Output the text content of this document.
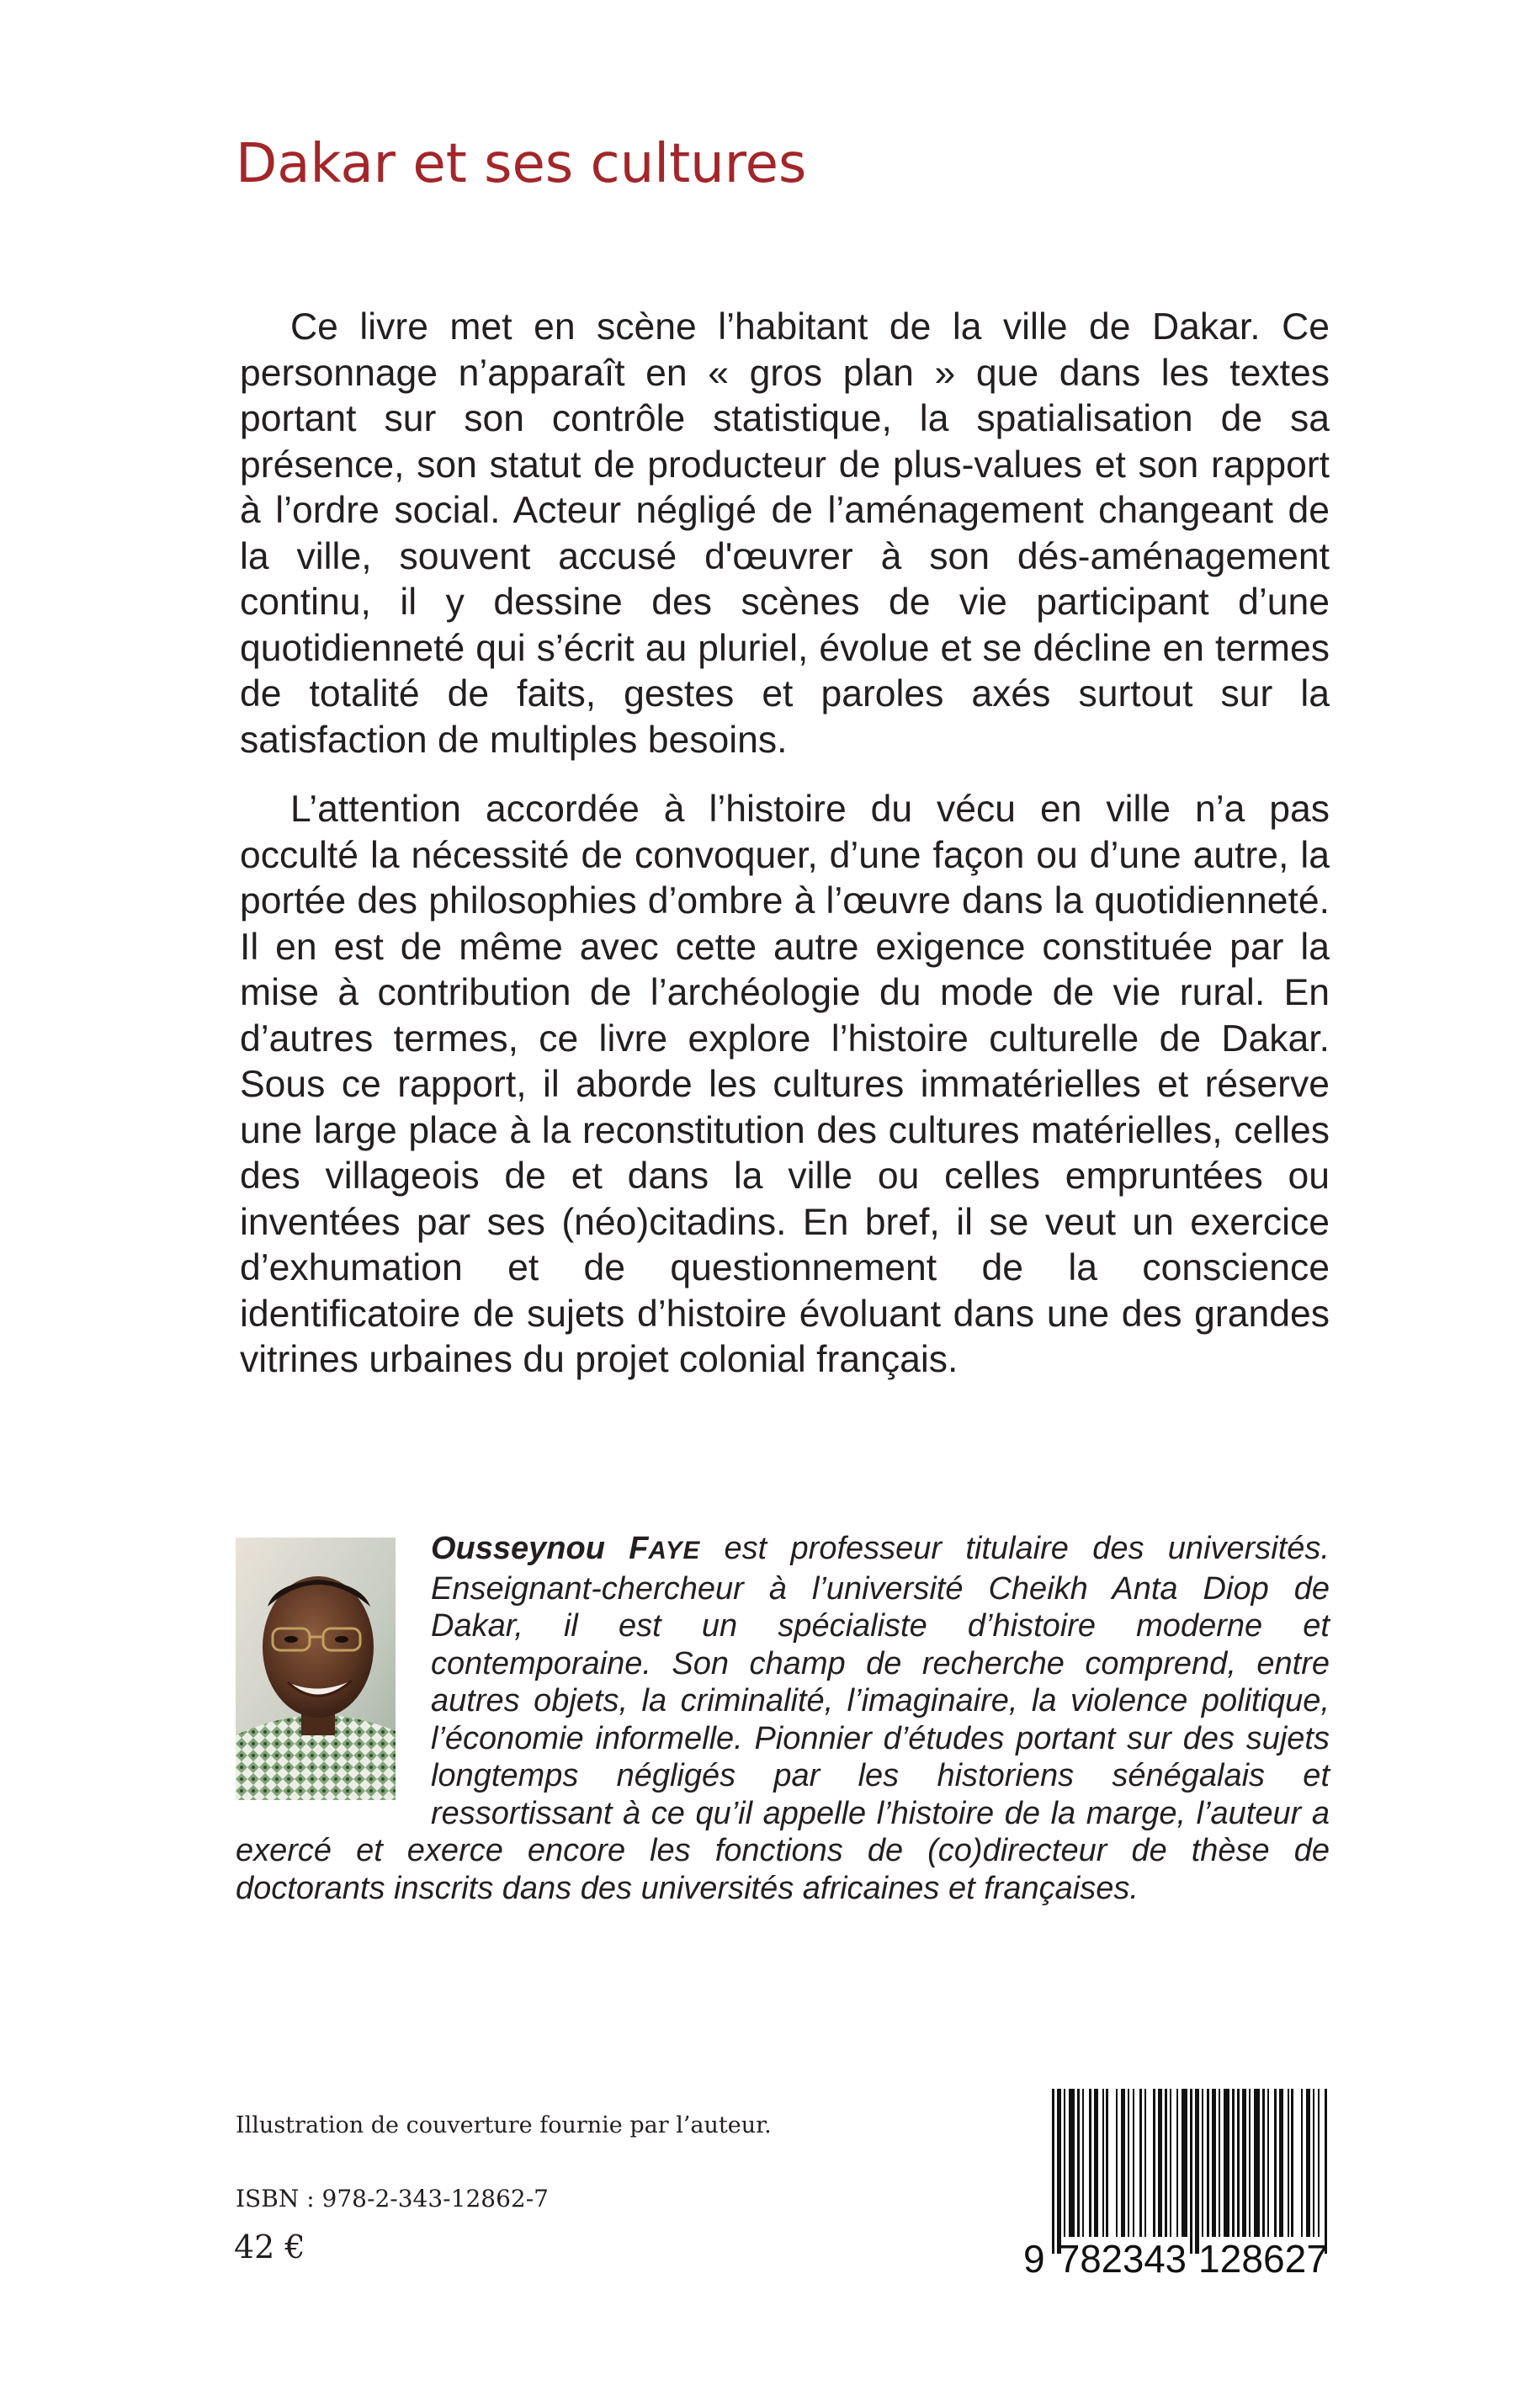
Dakar et ses cultures

Ce livre met en scène l’habitant de la ville de Dakar. Ce personnage n’apparaît en « gros plan » que dans les textes portant sur son contrôle statistique, la spatialisation de sa présence, son statut de producteur de plus-values et son rapport à l’ordre social. Acteur négligé de l’aménagement changeant de la ville, souvent accusé d'œuvrer à son dés-aménagement continu, il y dessine des scènes de vie participant d’une quotidienneté qui s’écrit au pluriel, évolue et se décline en termes de totalité de faits, gestes et paroles axés surtout sur la satisfaction de multiples besoins.

L’attention accordée à l’histoire du vécu en ville n’a pas occulté la nécessité de convoquer, d’une façon ou d’une autre, la portée des philosophies d’ombre à l’œuvre dans la quotidienneté. Il en est de même avec cette autre exigence constituée par la mise à contribution de l’archéologie du mode de vie rural. En d’autres termes, ce livre explore l’histoire culturelle de Dakar. Sous ce rapport, il aborde les cultures immatérielles et réserve une large place à la reconstitution des cultures matérielles, celles des villageois de et dans la ville ou celles empruntées ou inventées par ses (néo)citadins. En bref, il se veut un exercice d’exhumation et de questionnement de la conscience identificatoire de sujets d’histoire évoluant dans une des grandes vitrines urbaines du projet colonial français.

Ousseynou FAYE est professeur titulaire des universités. Enseignant-chercheur à l’université Cheikh Anta Diop de Dakar, il est un spécialiste d’histoire moderne et contemporaine. Son champ de recherche comprend, entre autres objets, la criminalité, l’imaginaire, la violence politique, l’économie informelle. Pionnier d’études portant sur des sujets longtemps négligés par les historiens sénégalais et ressortissant à ce qu’il appelle l’histoire de la marge, l’auteur a exercé et exerce encore les fonctions de (co)directeur de thèse de doctorants inscrits dans des universités africaines et françaises.
Illustration de couverture fournie par l’auteur.
ISBN : 978-2-343-12862-7
42 €	9 782343 128627
